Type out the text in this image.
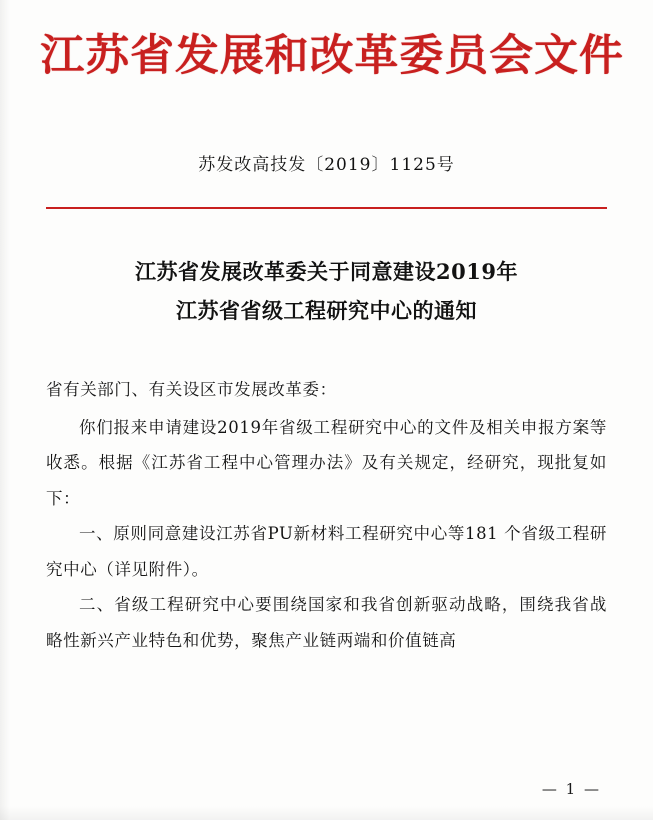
江苏省发展和改革委员会文件
苏发改高技发〔2019〕1125号
江苏省发展改革委关于同意建设2019年
江苏省省级工程研究中心的通知

省有关部门、有关设区市发展改革委：

你们报来申请建设2019年省级工程研究中心的文件及相关申报方案等收悉。根据《江苏省工程中心管理办法》及有关规定，经研究，现批复如下：

一、原则同意建设江苏省PU新材料工程研究中心等181 个省级工程研究中心（详见附件）。

二、省级工程研究中心要围绕国家和我省创新驱动战略，围绕我省战略性新兴产业特色和优势，聚焦产业链两端和价值链高

— 1 —
